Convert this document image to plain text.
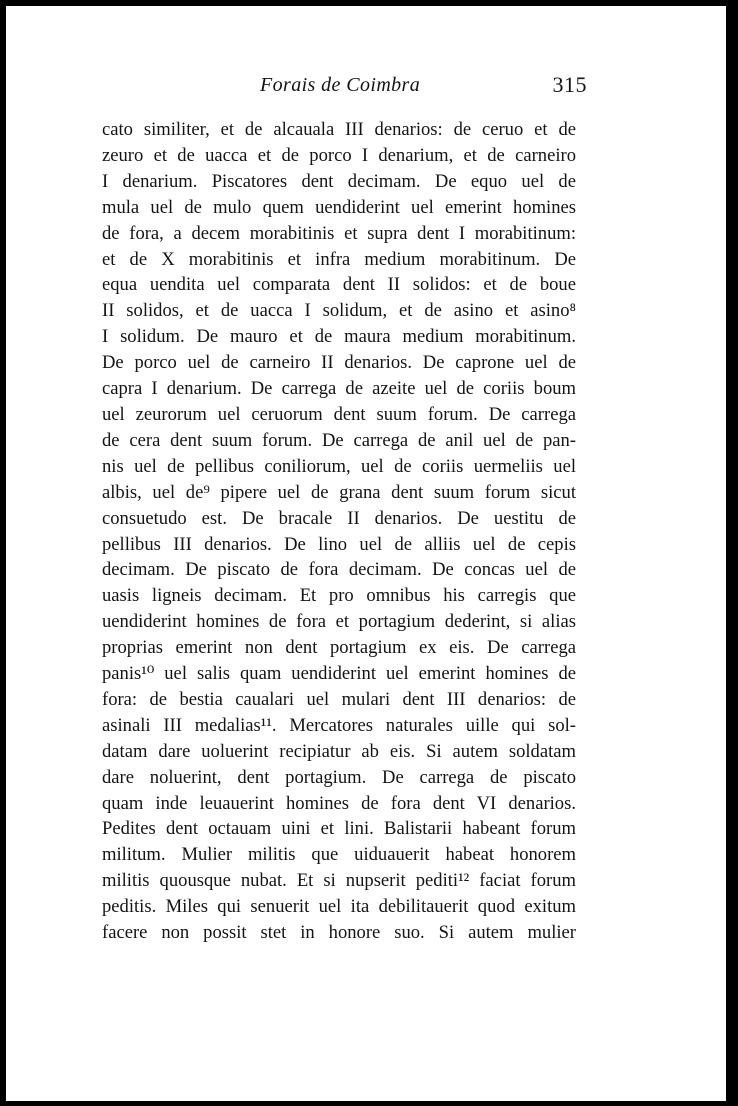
Forais de Coimbra	315
cato similiter, et de alcauala III denarios: de ceruo et de
zeuro et de uacca et de porco I denarium, et de carneiro
I denarium. Piscatores dent decimam. De equo uel de
mula uel de mulo quem uendiderint uel emerint homines
de fora, a decem morabitinis et supra dent I morabitinum:
et de X morabitinis et infra medium morabitinum. De
equa uendita uel comparata dent II solidos: et de boue
II solidos, et de uacca I solidum, et de asino et asino⁸
I solidum. De mauro et de maura medium morabitinum.
De porco uel de carneiro II denarios. De caprone uel de
capra I denarium. De carrega de azeite uel de coriis boum
uel zeurorum uel ceruorum dent suum forum. De carrega
de cera dent suum forum. De carrega de anil uel de pan-
nis uel de pellibus coniliorum, uel de coriis uermeliis uel
albis, uel de⁹ pipere uel de grana dent suum forum sicut
consuetudo est. De bracale II denarios. De uestitu de
pellibus III denarios. De lino uel de alliis uel de cepis
decimam. De piscato de fora decimam. De concas uel de
uasis ligneis decimam. Et pro omnibus his carregis que
uendiderint homines de fora et portagium dederint, si alias
proprias emerint non dent portagium ex eis. De carrega
panis¹⁰ uel salis quam uendiderint uel emerint homines de
fora: de bestia caualari uel mulari dent III denarios: de
asinali III medalias¹¹. Mercatores naturales uille qui sol-
datam dare uoluerint recipiatur ab eis. Si autem soldatam
dare noluerint, dent portagium. De carrega de piscato
quam inde leuauerint homines de fora dent VI denarios.
Pedites dent octauam uini et lini. Balistarii habeant forum
militum. Mulier militis que uiduauerit habeat honorem
militis quousque nubat. Et si nupserit pediti¹² faciat forum
peditis. Miles qui senuerit uel ita debilitauerit quod exitum
facere non possit stet in honore suo. Si autem mulier
